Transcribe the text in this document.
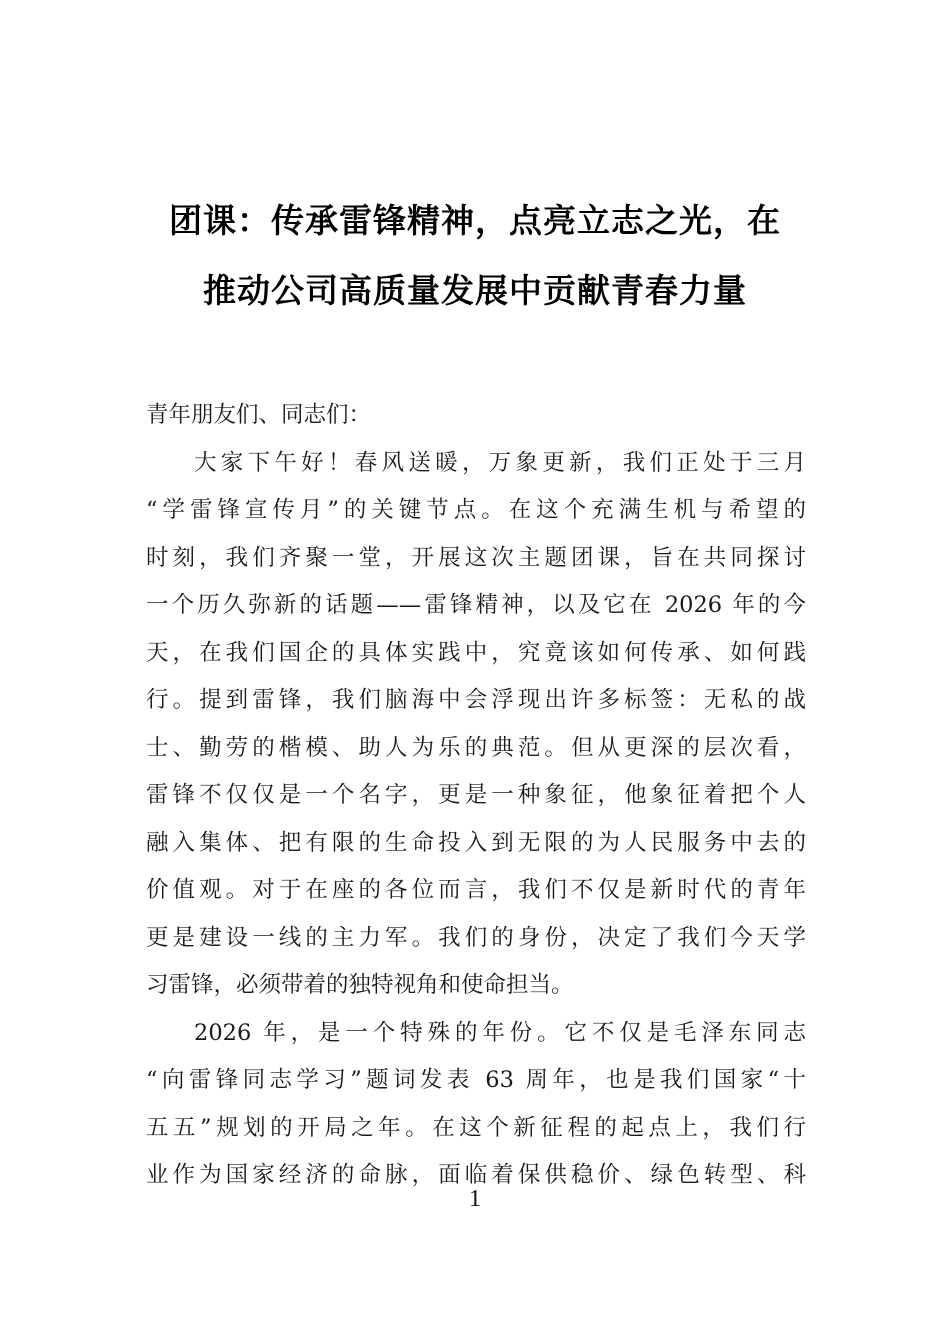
团课：传承雷锋精神，点亮立志之光，在
推动公司高质量发展中贡献青春力量
青年朋友们、同志们：
大家下午好！春风送暖，万象更新，我们正处于三月
“学雷锋宣传月”的关键节点。在这个充满生机与希望的
时刻，我们齐聚一堂，开展这次主题团课，旨在共同探讨
一个历久弥新的话题——雷锋精神，以及它在 2026 年的今
天，在我们国企的具体实践中，究竟该如何传承、如何践
行。提到雷锋，我们脑海中会浮现出许多标签：无私的战
士、勤劳的楷模、助人为乐的典范。但从更深的层次看，
雷锋不仅仅是一个名字，更是一种象征，他象征着把个人
融入集体、把有限的生命投入到无限的为人民服务中去的
价值观。对于在座的各位而言，我们不仅是新时代的青年
更是建设一线的主力军。我们的身份，决定了我们今天学
习雷锋，必须带着的独特视角和使命担当。
2026 年，是一个特殊的年份。它不仅是毛泽东同志
“向雷锋同志学习”题词发表 63 周年，也是我们国家“十
五五”规划的开局之年。在这个新征程的起点上，我们行
业作为国家经济的命脉，面临着保供稳价、绿色转型、科
1
